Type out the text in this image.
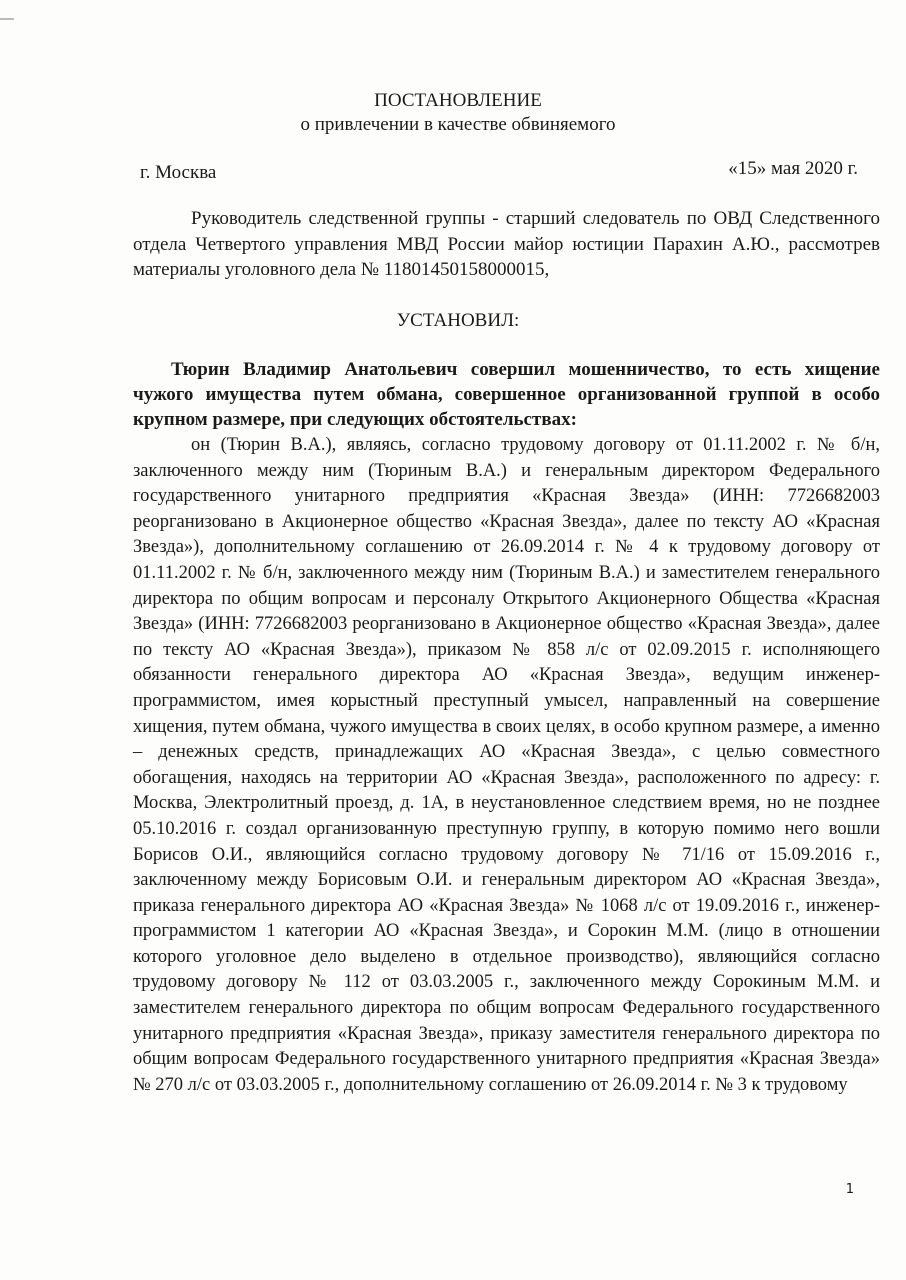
ПОСТАНОВЛЕНИЕ
о привлечении в качестве обвиняемого
г. Москва	«15» мая 2020 г.

Руководитель следственной группы - старший следователь по ОВД Следственного отдела Четвертого управления МВД России майор юстиции Парахин А.Ю., рассмотрев материалы уголовного дела № 11801450158000015,

УСТАНОВИЛ:

Тюрин Владимир Анатольевич совершил мошенничество, то есть хищение чужого имущества путем обмана, совершенное организованной группой в особо крупном размере, при следующих обстоятельствах:

он (Тюрин В.А.), являясь, согласно трудовому договору от 01.11.2002 г. № б/н, заключенного между ним (Тюриным В.А.) и генеральным директором Федерального государственного унитарного предприятия «Красная Звезда» (ИНН: 7726682003 реорганизовано в Акционерное общество «Красная Звезда», далее по тексту АО «Красная Звезда»), дополнительному соглашению от 26.09.2014 г. № 4 к трудовому договору от 01.11.2002 г. № б/н, заключенного между ним (Тюриным В.А.) и заместителем генерального директора по общим вопросам и персоналу Открытого Акционерного Общества «Красная Звезда» (ИНН: 7726682003 реорганизовано в Акционерное общество «Красная Звезда», далее по тексту АО «Красная Звезда»), приказом № 858 л/с от 02.09.2015 г. исполняющего обязанности генерального директора АО «Красная Звезда», ведущим инженер-программистом, имея корыстный преступный умысел, направленный на совершение хищения, путем обмана, чужого имущества в своих целях, в особо крупном размере, а именно – денежных средств, принадлежащих АО «Красная Звезда», с целью совместного обогащения, находясь на территории АО «Красная Звезда», расположенного по адресу: г. Москва, Электролитный проезд, д. 1А, в неустановленное следствием время, но не позднее 05.10.2016 г. создал организованную преступную группу, в которую помимо него вошли Борисов О.И., являющийся согласно трудовому договору № 71/16 от 15.09.2016 г., заключенному между Борисовым О.И. и генеральным директором АО «Красная Звезда», приказа генерального директора АО «Красная Звезда» № 1068 л/с от 19.09.2016 г., инженер-программистом 1 категории АО «Красная Звезда», и Сорокин М.М. (лицо в отношении которого уголовное дело выделено в отдельное производство), являющийся согласно трудовому договору № 112 от 03.03.2005 г., заключенного между Сорокиным М.М. и заместителем генерального директора по общим вопросам Федерального государственного унитарного предприятия «Красная Звезда», приказу заместителя генерального директора по общим вопросам Федерального государственного унитарного предприятия «Красная Звезда» № 270 л/с от 03.03.2005 г., дополнительному соглашению от 26.09.2014 г. № 3 к трудовому

1
